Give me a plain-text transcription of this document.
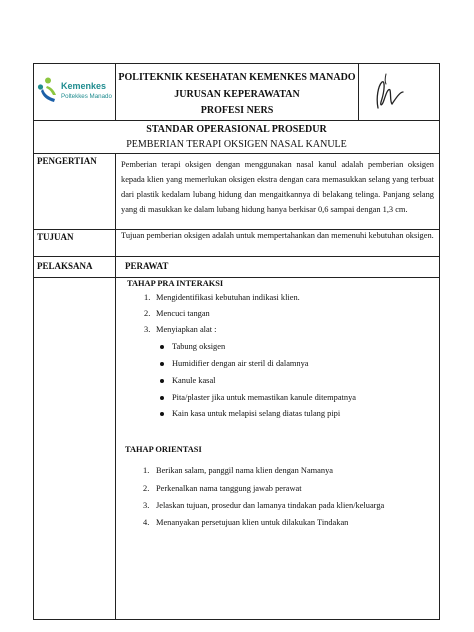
Kemenkes
Poltekkes Manado
POLITEKNIK KESEHATAN KEMENKES MANADO
JURUSAN KEPERAWATAN
PROFESI NERS
STANDAR OPERASIONAL PROSEDUR
PEMBERIAN TERAPI OKSIGEN NASAL KANULE
PENGERTIAN	Pemberian terapi oksigen dengan menggunakan nasal kanul adalah pemberian oksigen kepada klien yang memerlukan oksigen ekstra dengan cara memasukkan selang yang terbuat dari plastik kedalam lubang hidung dan mengaitkannya di belakang telinga. Panjang selang yang di masukkan ke dalam lubang hidung hanya berkisar 0,6 sampai dengan 1,3 cm.
TUJUAN	Tujuan pemberian oksigen adalah untuk mempertahankan dan memenuhi kebutuhan oksigen.
PELAKSANA	PERAWAT
TAHAP PRA INTERAKSI
1. Mengidentifikasi kebutuhan indikasi klien.
2. Mencuci tangan
3. Menyiapkan alat :
Tabung oksigen
Humidifier dengan air steril di dalamnya
Kanule kasal
Pita/plaster jika untuk memastikan kanule ditempatnya
Kain kasa untuk melapisi selang diatas tulang pipi
TAHAP ORIENTASI
1. Berikan salam, panggil nama klien dengan Namanya
2. Perkenalkan nama tanggung jawab perawat
3. Jelaskan tujuan, prosedur dan lamanya tindakan pada klien/keluarga
4. Menanyakan persetujuan klien untuk dilakukan Tindakan
